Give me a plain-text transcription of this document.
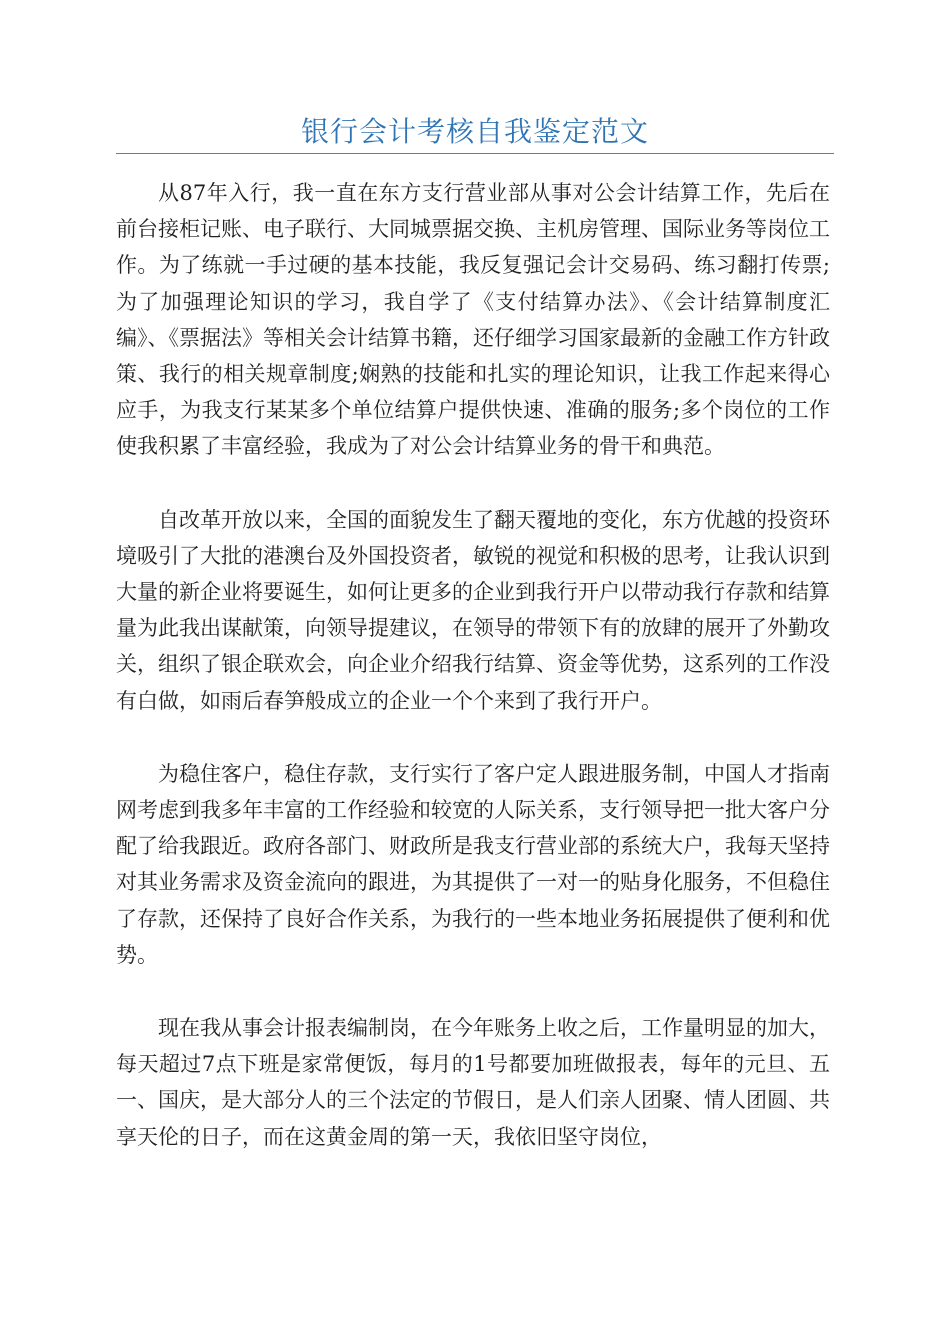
银行会计考核自我鉴定范文

从87年入行，我一直在东方支行营业部从事对公会计结算工作，先后在前台接柜记账、电子联行、大同城票据交换、主机房管理、国际业务等岗位工作。为了练就一手过硬的基本技能，我反复强记会计交易码、练习翻打传票;为了加强理论知识的学习，我自学了《支付结算办法》、《会计结算制度汇编》、《票据法》等相关会计结算书籍，还仔细学习国家最新的金融工作方针政策、我行的相关规章制度;娴熟的技能和扎实的理论知识，让我工作起来得心应手，为我支行某某多个单位结算户提供快速、准确的服务;多个岗位的工作使我积累了丰富经验，我成为了对公会计结算业务的骨干和典范。

自改革开放以来，全国的面貌发生了翻天覆地的变化，东方优越的投资环境吸引了大批的港澳台及外国投资者，敏锐的视觉和积极的思考，让我认识到大量的新企业将要诞生，如何让更多的企业到我行开户以带动我行存款和结算量为此我出谋献策，向领导提建议，在领导的带领下有的放肆的展开了外勤攻关，组织了银企联欢会，向企业介绍我行结算、资金等优势，这系列的工作没有白做，如雨后春笋般成立的企业一个个来到了我行开户。

为稳住客户，稳住存款，支行实行了客户定人跟进服务制，中国人才指南网考虑到我多年丰富的工作经验和较宽的人际关系，支行领导把一批大客户分配了给我跟近。政府各部门、财政所是我支行营业部的系统大户，我每天坚持对其业务需求及资金流向的跟进，为其提供了一对一的贴身化服务，不但稳住了存款，还保持了良好合作关系，为我行的一些本地业务拓展提供了便利和优势。

现在我从事会计报表编制岗，在今年账务上收之后，工作量明显的加大，每天超过7点下班是家常便饭，每月的1号都要加班做报表，每年的元旦、五一、国庆，是大部分人的三个法定的节假日，是人们亲人团聚、情人团圆、共享天伦的日子，而在这黄金周的第一天，我依旧坚守岗位，
